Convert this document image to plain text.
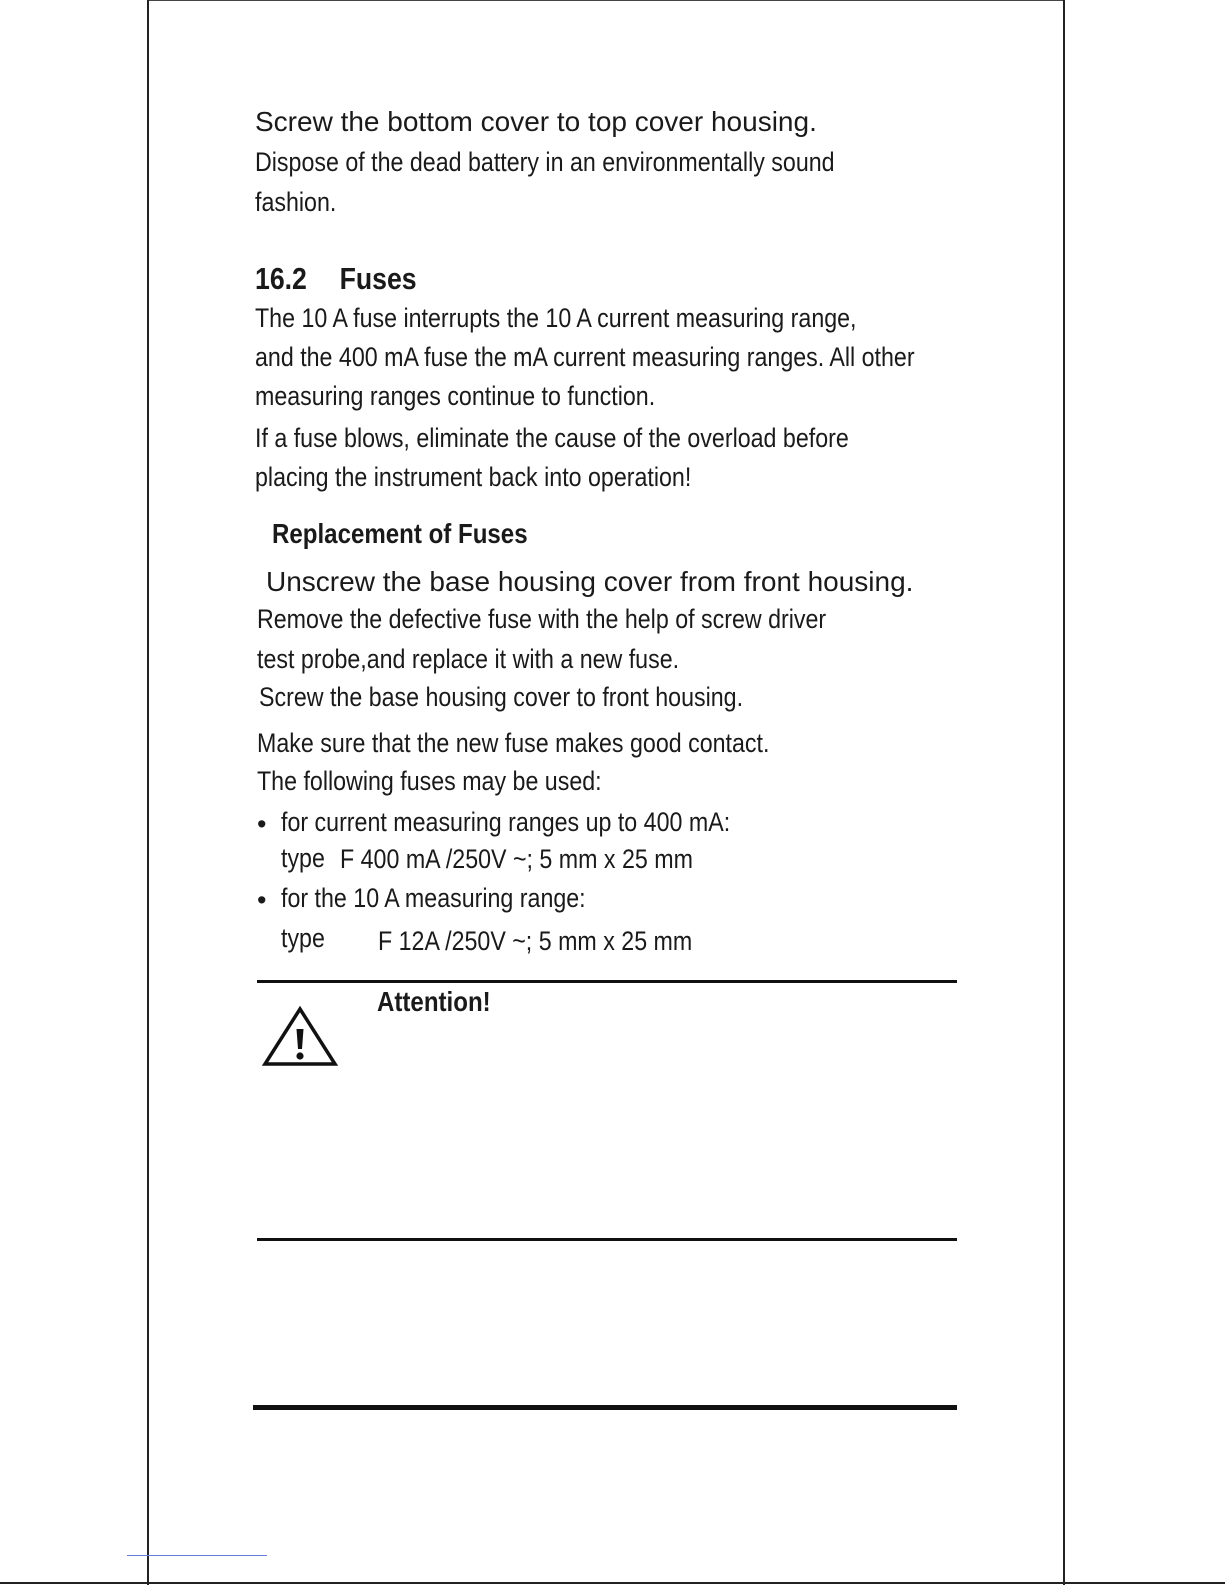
Screw the bottom cover to top cover housing.
Dispose of the dead battery in an environmentally sound
fashion.
16.2 Fuses
The 10 A fuse interrupts the 10 A current measuring range,
and the 400 mA fuse the mA current measuring ranges. All other
measuring ranges continue to function.
If a fuse blows, eliminate the cause of the overload before
placing the instrument back into operation!
Replacement of Fuses
Unscrew the base housing cover from front housing.
Remove the defective fuse with the help of screw driver
test probe,and replace it with a new fuse.
Screw the base housing cover to front housing.
Make sure that the new fuse makes good contact.
The following fuses may be used:
• for current measuring ranges up to 400 mA:
type F 400 mA /250V ~; 5 mm x 25 mm
• for the 10 A measuring range:
type F 12A /250V ~; 5 mm x 25 mm
Attention!
